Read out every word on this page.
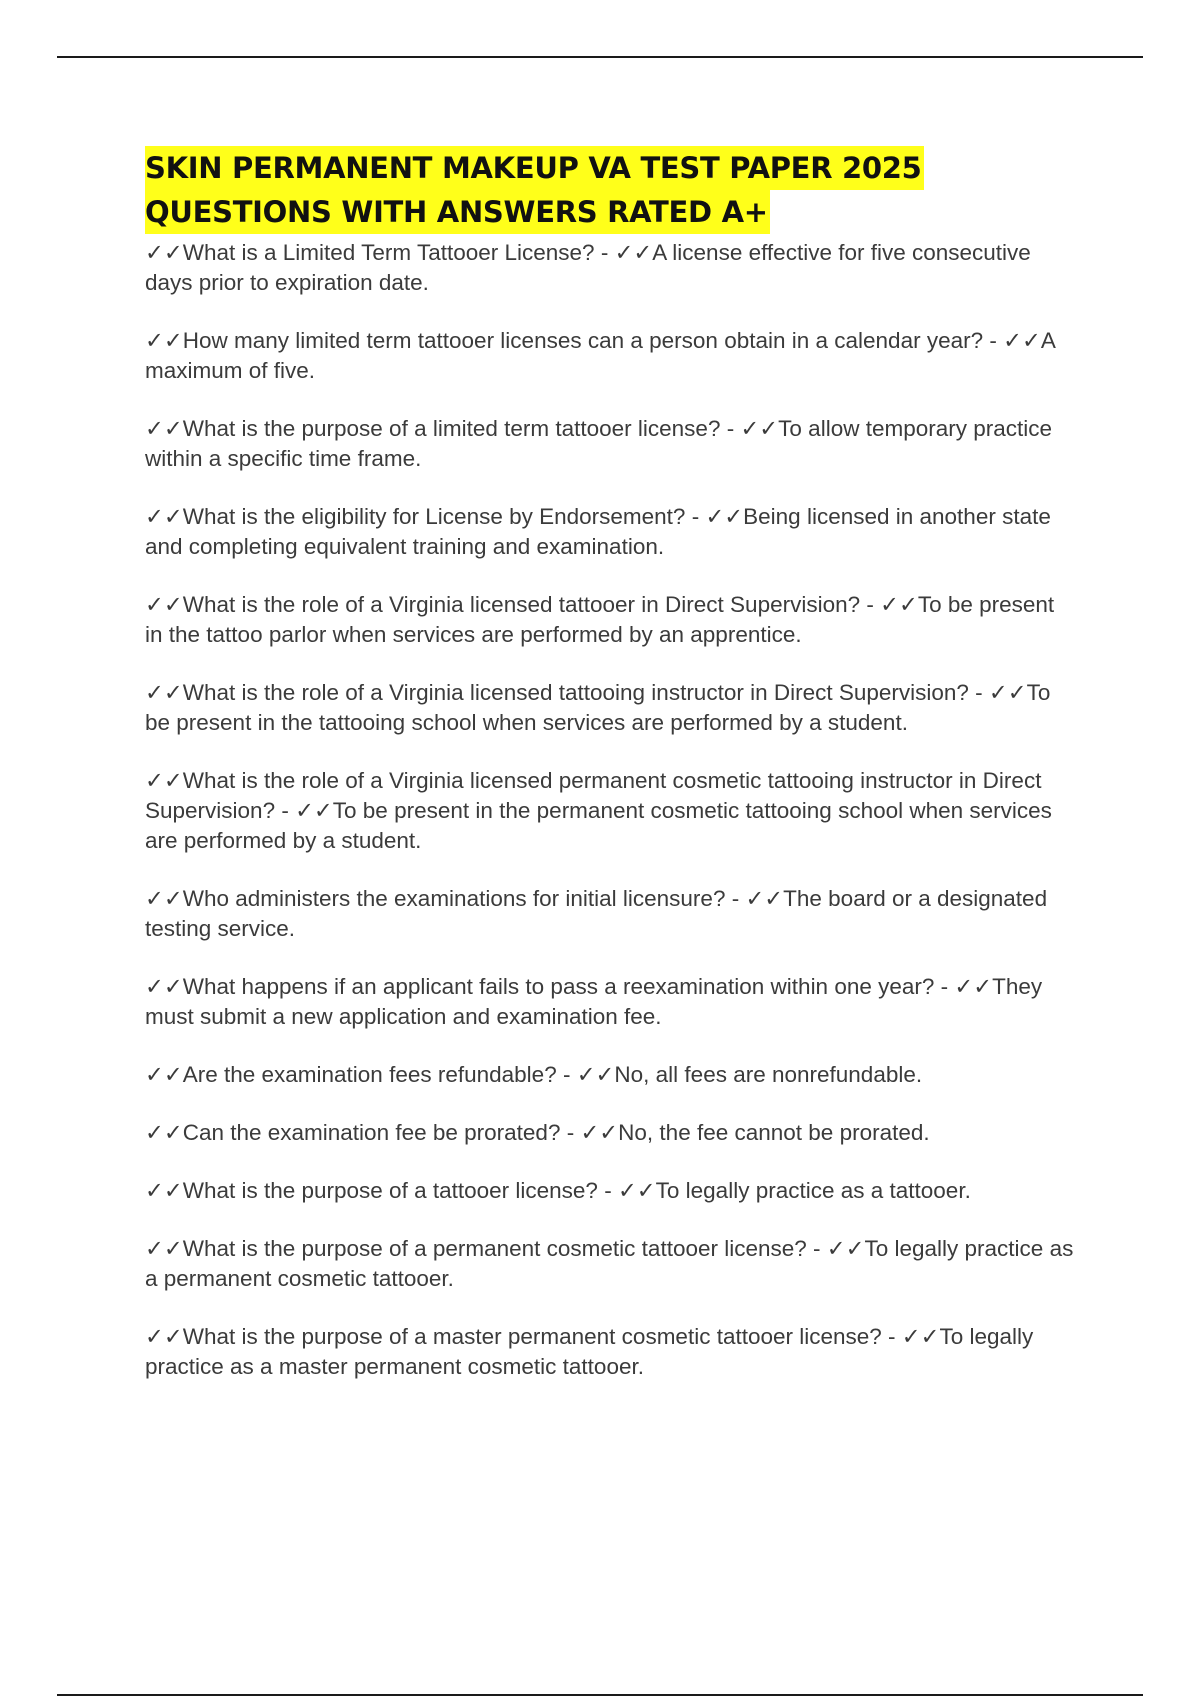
SKIN PERMANENT MAKEUP VA TEST PAPER 2025
QUESTIONS WITH ANSWERS RATED A+

✓✓What is a Limited Term Tattooer License? - ✓✓A license effective for five consecutive days prior to expiration date.

✓✓How many limited term tattooer licenses can a person obtain in a calendar year? - ✓✓A maximum of five.

✓✓What is the purpose of a limited term tattooer license? - ✓✓To allow temporary practice within a specific time frame.

✓✓What is the eligibility for License by Endorsement? - ✓✓Being licensed in another state and completing equivalent training and examination.

✓✓What is the role of a Virginia licensed tattooer in Direct Supervision? - ✓✓To be present in the tattoo parlor when services are performed by an apprentice.

✓✓What is the role of a Virginia licensed tattooing instructor in Direct Supervision? - ✓✓To be present in the tattooing school when services are performed by a student.

✓✓What is the role of a Virginia licensed permanent cosmetic tattooing instructor in Direct Supervision? - ✓✓To be present in the permanent cosmetic tattooing school when services are performed by a student.

✓✓Who administers the examinations for initial licensure? - ✓✓The board or a designated testing service.

✓✓What happens if an applicant fails to pass a reexamination within one year? - ✓✓They must submit a new application and examination fee.

✓✓Are the examination fees refundable? - ✓✓No, all fees are nonrefundable.

✓✓Can the examination fee be prorated? - ✓✓No, the fee cannot be prorated.

✓✓What is the purpose of a tattooer license? - ✓✓To legally practice as a tattooer.

✓✓What is the purpose of a permanent cosmetic tattooer license? - ✓✓To legally practice as a permanent cosmetic tattooer.

✓✓What is the purpose of a master permanent cosmetic tattooer license? - ✓✓To legally practice as a master permanent cosmetic tattooer.
